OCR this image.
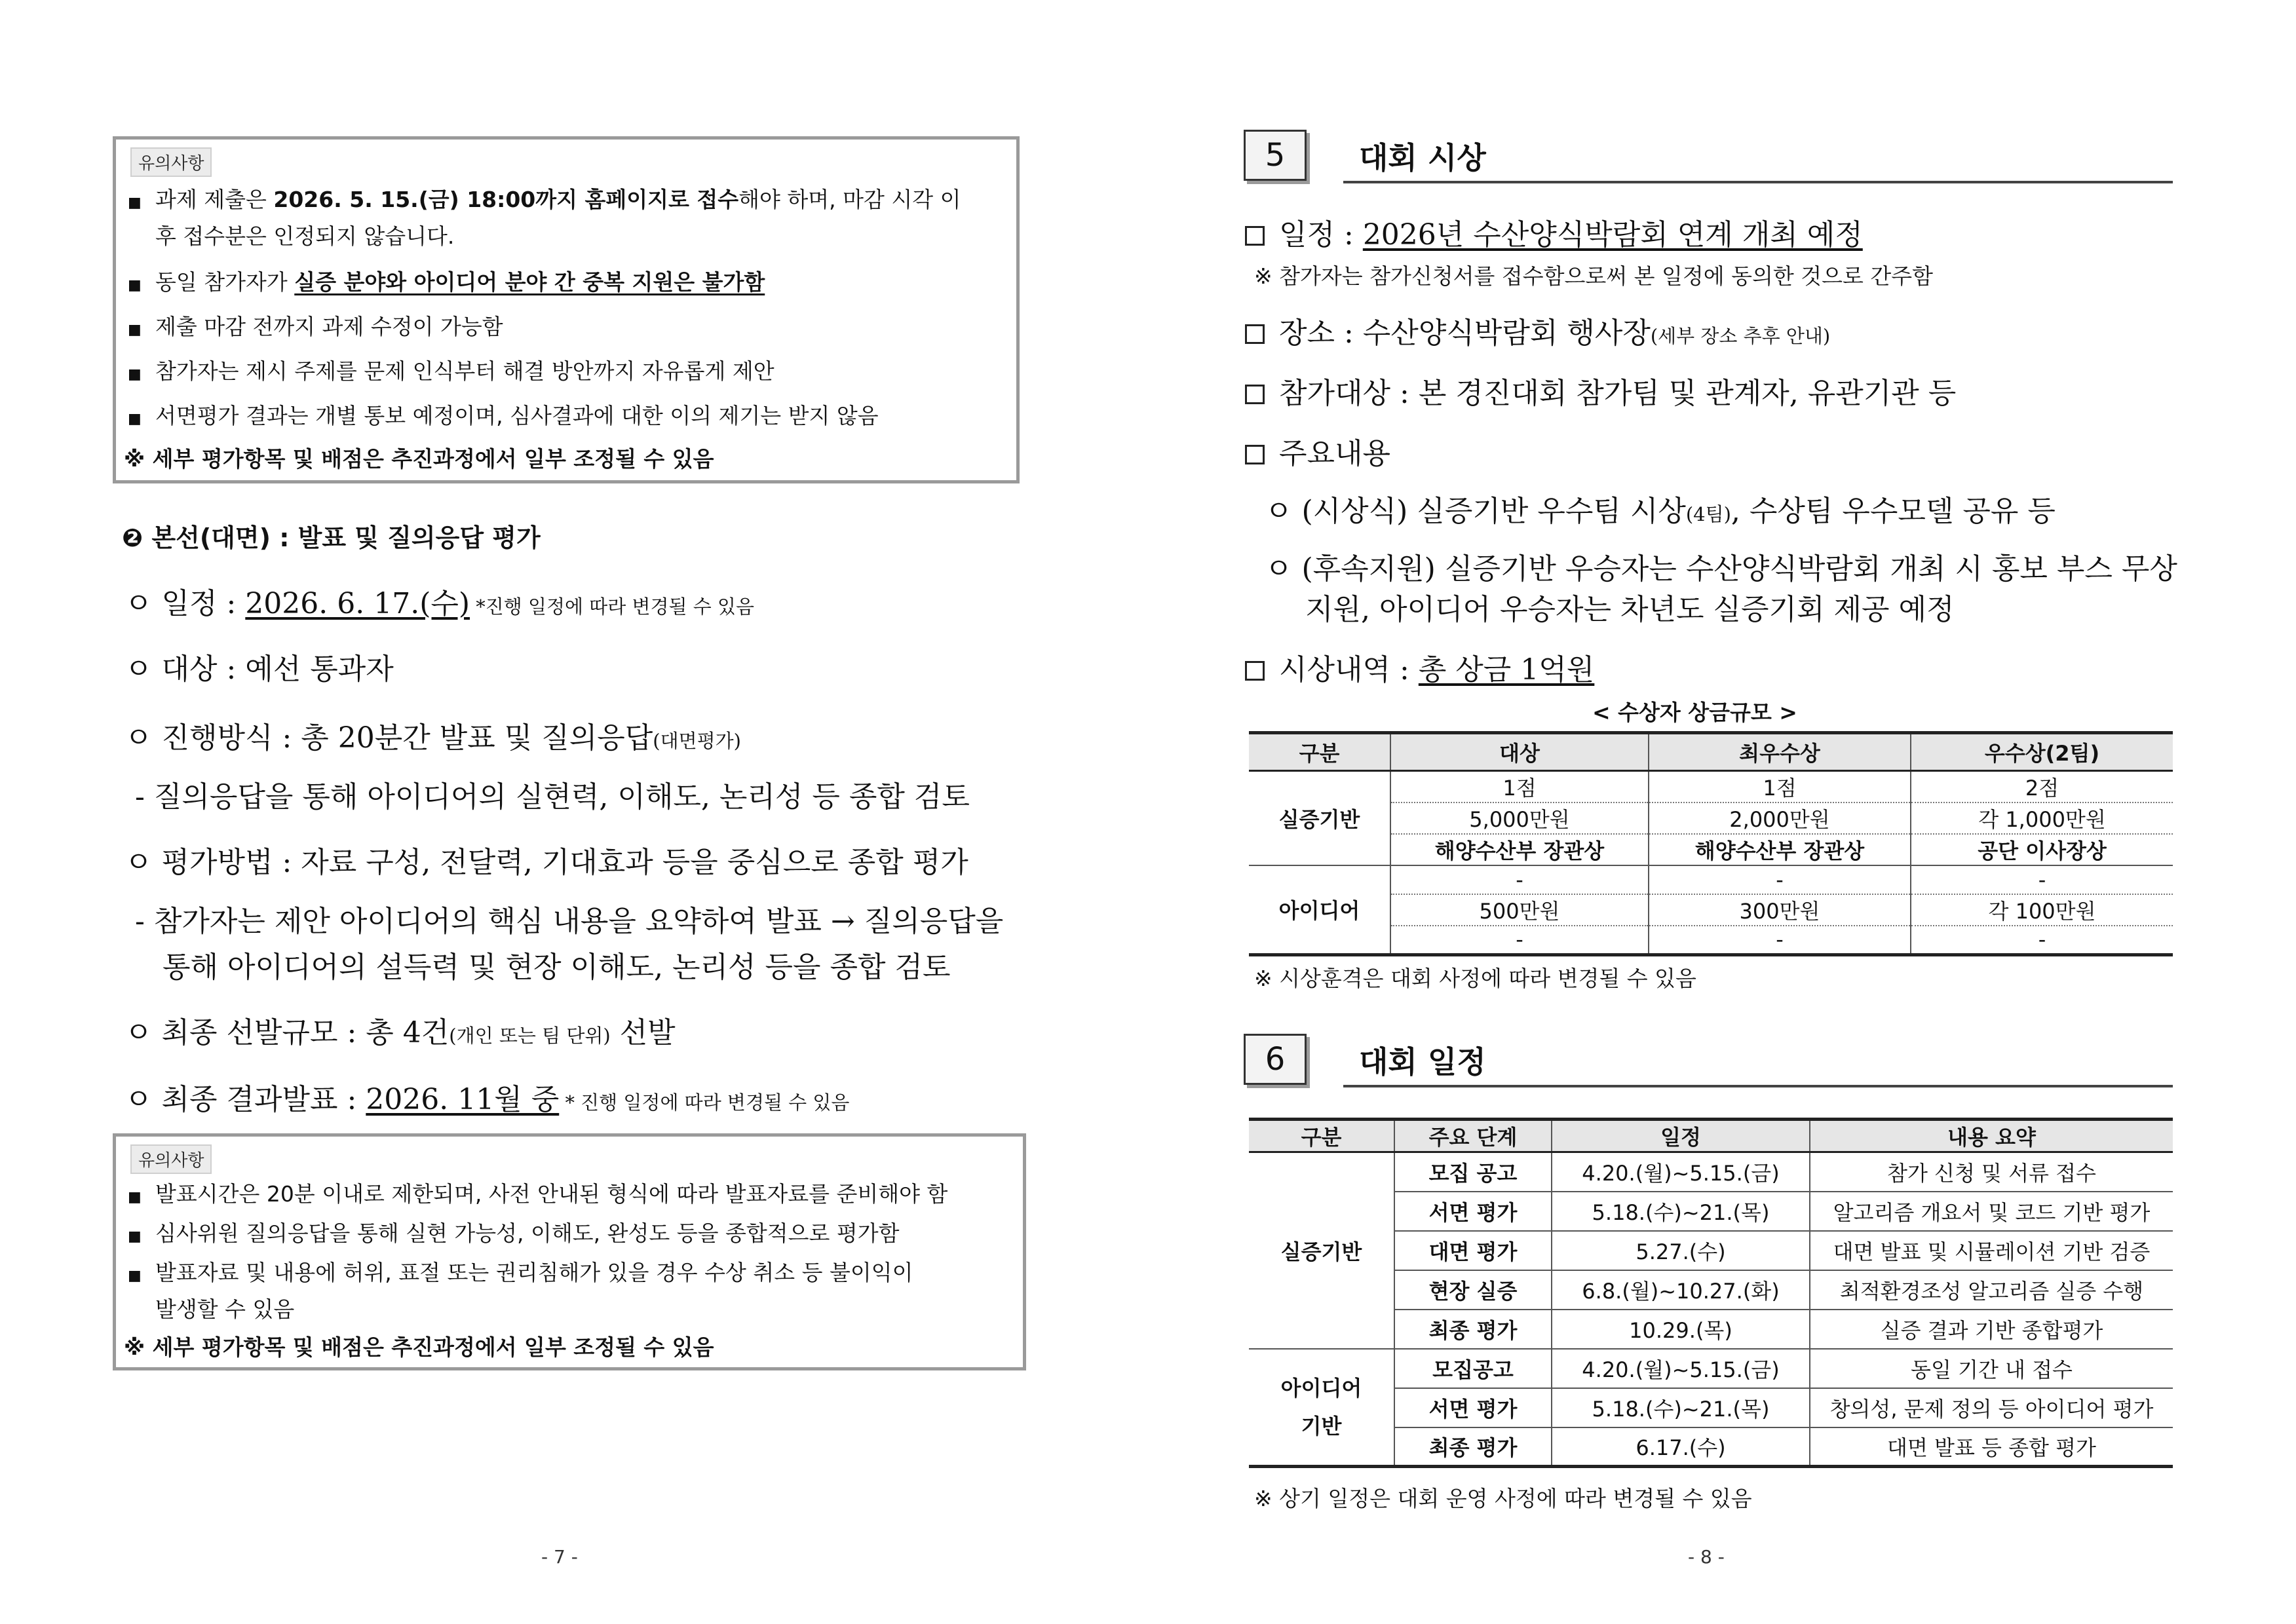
유의사항
■ 과제 제출은 2026. 5. 15.(금) 18:00까지 홈페이지로 접수해야 하며, 마감 시각 이
후 접수분은 인정되지 않습니다.
■ 동일 참가자가 실증 분야와 아이디어 분야 간 중복 지원은 불가함
■ 제출 마감 전까지 과제 수정이 가능함
■ 참가자는 제시 주제를 문제 인식부터 해결 방안까지 자유롭게 제안
■ 서면평가 결과는 개별 통보 예정이며, 심사결과에 대한 이의 제기는 받지 않음
※ 세부 평가항목 및 배점은 추진과정에서 일부 조정될 수 있음
❷ 본선(대면) : 발표 및 질의응답 평가
ㅇ 일정 : 2026. 6. 17.(수) *진행 일정에 따라 변경될 수 있음
ㅇ 대상 : 예선 통과자
ㅇ 진행방식 : 총 20분간 발표 및 질의응답(대면평가)
- 질의응답을 통해 아이디어의 실현력, 이해도, 논리성 등 종합 검토
ㅇ 평가방법 : 자료 구성, 전달력, 기대효과 등을 중심으로 종합 평가
- 참가자는 제안 아이디어의 핵심 내용을 요약하여 발표 → 질의응답을
통해 아이디어의 설득력 및 현장 이해도, 논리성 등을 종합 검토
ㅇ 최종 선발규모 : 총 4건(개인 또는 팀 단위) 선발
ㅇ 최종 결과발표 : 2026. 11월 중 * 진행 일정에 따라 변경될 수 있음
유의사항
■ 발표시간은 20분 이내로 제한되며, 사전 안내된 형식에 따라 발표자료를 준비해야 함
■ 심사위원 질의응답을 통해 실현 가능성, 이해도, 완성도 등을 종합적으로 평가함
■ 발표자료 및 내용에 허위, 표절 또는 권리침해가 있을 경우 수상 취소 등 불이익이
발생할 수 있음
※ 세부 평가항목 및 배점은 추진과정에서 일부 조정될 수 있음
- 7 -
5	대회 시상
일정 : 2026년 수산양식박람회 연계 개최 예정
※ 참가자는 참가신청서를 접수함으로써 본 일정에 동의한 것으로 간주함
장소 : 수산양식박람회 행사장(세부 장소 추후 안내)
참가대상 : 본 경진대회 참가팀 및 관계자, 유관기관 등
주요내용
ㅇ (시상식) 실증기반 우수팀 시상(4팀), 수상팀 우수모델 공유 등
ㅇ (후속지원) 실증기반 우승자는 수산양식박람회 개최 시 홍보 부스 무상
지원, 아이디어 우승자는 차년도 실증기회 제공 예정
시상내역 : 총 상금 1억원
< 수상자 상금규모 >
구분	대상	최우수상	우수상(2팀)
실증기반	1점	1점	2점
	5,000만원	2,000만원	각 1,000만원
	해양수산부 장관상	해양수산부 장관상	공단 이사장상
아이디어	-	-	-
	500만원	300만원	각 100만원
	-	-	-
※ 시상훈격은 대회 사정에 따라 변경될 수 있음
6	대회 일정
구분	주요 단계	일정	내용 요약
실증기반	모집 공고	4.20.(월)~5.15.(금)	참가 신청 및 서류 접수
	서면 평가	5.18.(수)~21.(목)	알고리즘 개요서 및 코드 기반 평가
	대면 평가	5.27.(수)	대면 발표 및 시뮬레이션 기반 검증
	현장 실증	6.8.(월)~10.27.(화)	최적환경조성 알고리즘 실증 수행
	최종 평가	10.29.(목)	실증 결과 기반 종합평가
아이디어 기반	모집공고	4.20.(월)~5.15.(금)	동일 기간 내 접수
	서면 평가	5.18.(수)~21.(목)	창의성, 문제 정의 등 아이디어 평가
	최종 평가	6.17.(수)	대면 발표 등 종합 평가
※ 상기 일정은 대회 운영 사정에 따라 변경될 수 있음
- 8 -
